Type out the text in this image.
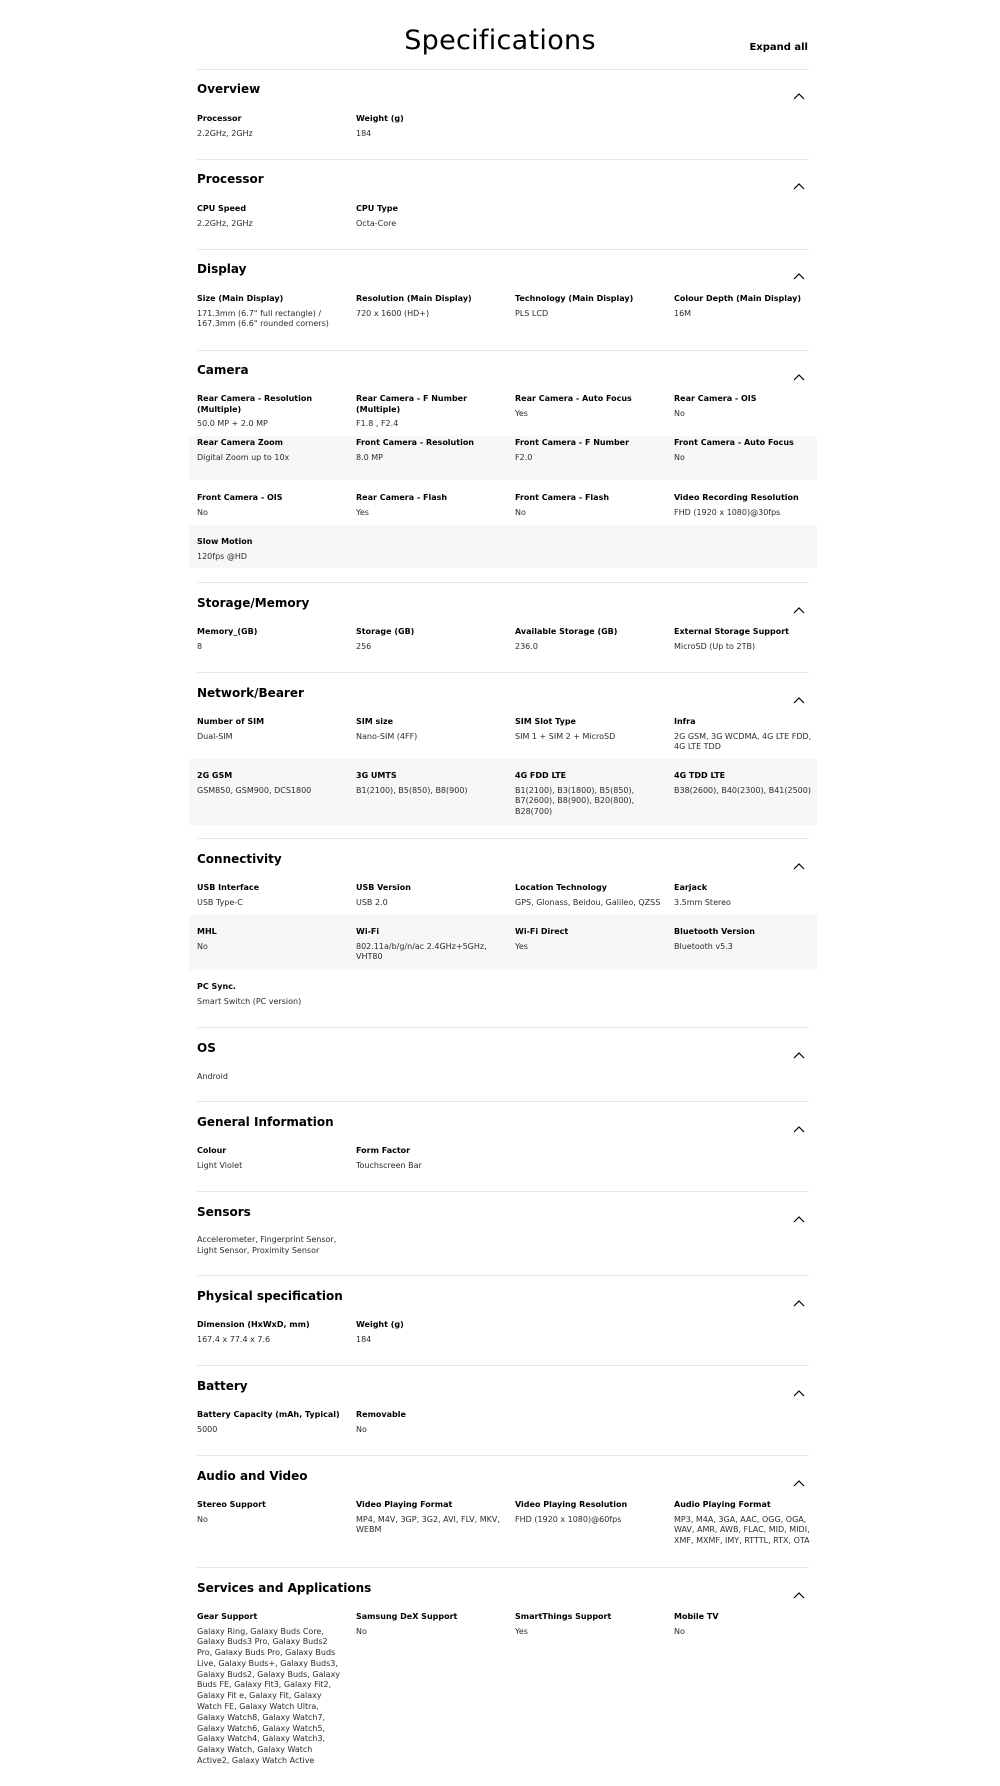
Specifications	Expand all
Overview
Processor
2.2GHz, 2GHz
Weight (g)
184
Processor
CPU Speed
2.2GHz, 2GHz
CPU Type
Octa-Core
Display
Size (Main Display)
171.3mm (6.7" full rectangle) / 167.3mm (6.6" rounded corners)
Resolution (Main Display)
720 x 1600 (HD+)
Technology (Main Display)
PLS LCD
Colour Depth (Main Display)
16M
Camera
Rear Camera - Resolution (Multiple)
50.0 MP + 2.0 MP
Rear Camera - F Number (Multiple)
F1.8 , F2.4
Rear Camera - Auto Focus
Yes
Rear Camera - OIS
No
Rear Camera Zoom
Digital Zoom up to 10x
Front Camera - Resolution
8.0 MP
Front Camera - F Number
F2.0
Front Camera - Auto Focus
No
Front Camera - OIS
No
Rear Camera - Flash
Yes
Front Camera - Flash
No
Video Recording Resolution
FHD (1920 x 1080)@30fps
Slow Motion
120fps @HD
Storage/Memory
Memory_(GB)
8
Storage (GB)
256
Available Storage (GB)
236.0
External Storage Support
MicroSD (Up to 2TB)
Network/Bearer
Number of SIM
Dual-SIM
SIM size
Nano-SIM (4FF)
SIM Slot Type
SIM 1 + SIM 2 + MicroSD
Infra
2G GSM, 3G WCDMA, 4G LTE FDD, 4G LTE TDD
2G GSM
GSM850, GSM900, DCS1800
3G UMTS
B1(2100), B5(850), B8(900)
4G FDD LTE
B1(2100), B3(1800), B5(850), B7(2600), B8(900), B20(800), B28(700)
4G TDD LTE
B38(2600), B40(2300), B41(2500)
Connectivity
USB Interface
USB Type-C
USB Version
USB 2.0
Location Technology
GPS, Glonass, Beidou, Galileo, QZSS
Earjack
3.5mm Stereo
MHL
No
Wi-Fi
802.11a/b/g/n/ac 2.4GHz+5GHz, VHT80
Wi-Fi Direct
Yes
Bluetooth Version
Bluetooth v5.3
PC Sync.
Smart Switch (PC version)
OS
Android
General Information
Colour
Light Violet
Form Factor
Touchscreen Bar
Sensors
Accelerometer, Fingerprint Sensor, Light Sensor, Proximity Sensor
Physical specification
Dimension (HxWxD, mm)
167.4 x 77.4 x 7.6
Weight (g)
184
Battery
Battery Capacity (mAh, Typical)
5000
Removable
No
Audio and Video
Stereo Support
No
Video Playing Format
MP4, M4V, 3GP, 3G2, AVI, FLV, MKV, WEBM
Video Playing Resolution
FHD (1920 x 1080)@60fps
Audio Playing Format
MP3, M4A, 3GA, AAC, OGG, OGA, WAV, AMR, AWB, FLAC, MID, MIDI, XMF, MXMF, IMY, RTTTL, RTX, OTA
Services and Applications
Gear Support
Galaxy Ring, Galaxy Buds Core, Galaxy Buds3 Pro, Galaxy Buds2 Pro, Galaxy Buds Pro, Galaxy Buds Live, Galaxy Buds+, Galaxy Buds3, Galaxy Buds2, Galaxy Buds, Galaxy Buds FE, Galaxy Fit3, Galaxy Fit2, Galaxy Fit e, Galaxy Fit, Galaxy Watch FE, Galaxy Watch Ultra, Galaxy Watch8, Galaxy Watch7, Galaxy Watch6, Galaxy Watch5, Galaxy Watch4, Galaxy Watch3, Galaxy Watch, Galaxy Watch Active2, Galaxy Watch Active
Samsung DeX Support
No
SmartThings Support
Yes
Mobile TV
No
